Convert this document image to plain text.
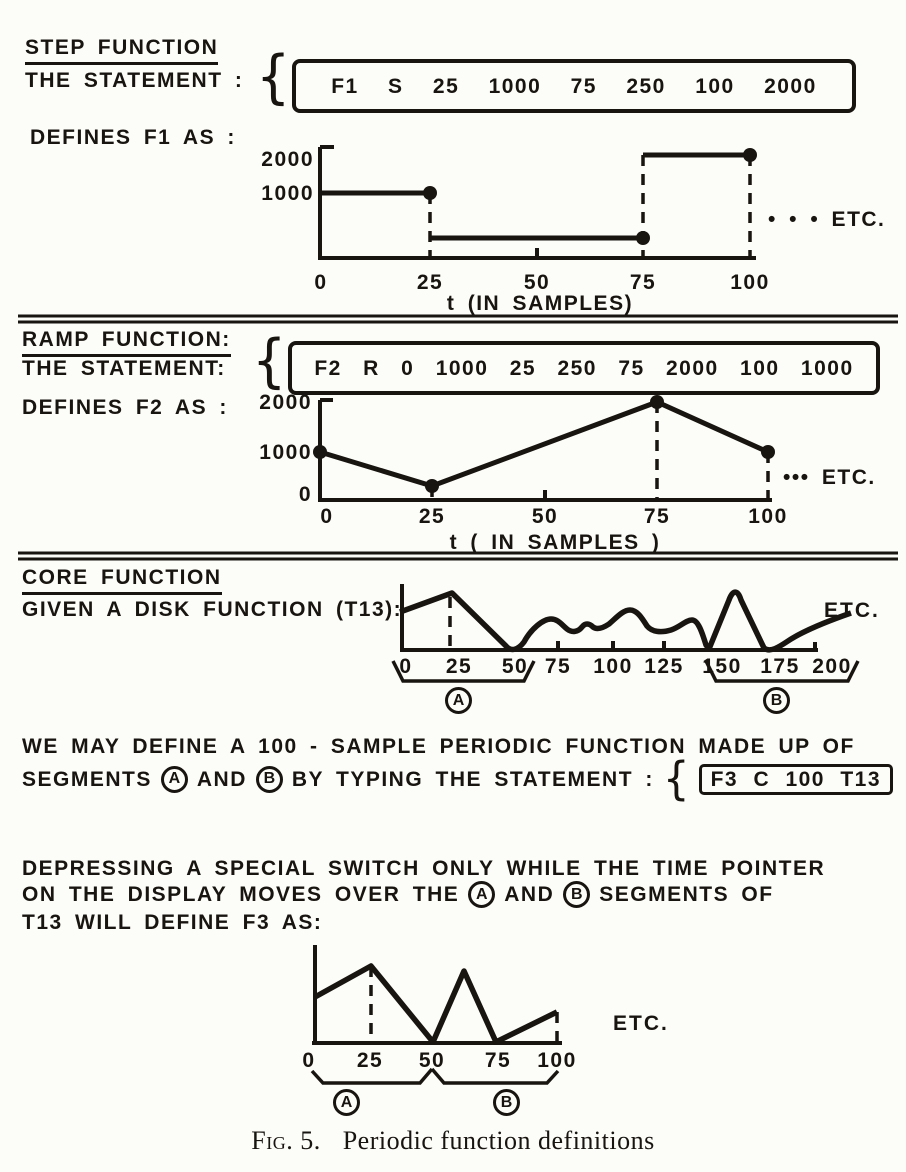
STEP FUNCTION
THE STATEMENT : { F1 S 25 1000 75 250 100 2000
DEFINES F1 AS :
2000
1000
0	25	50	75	100
t (IN SAMPLES)
• • • ETC.
RAMP FUNCTION:
THE STATEMENT: { F2 R 0 1000 25 250 75 2000 100 1000
DEFINES F2 AS :	2000
1000
0
0	25	50	75	100
t ( IN SAMPLES )
••• ETC.
CORE FUNCTION
GIVEN A DISK FUNCTION (T13):
0 25 50 75 100 125 150 175 200
ETC.
A	B
WE MAY DEFINE A 100 - SAMPLE PERIODIC FUNCTION MADE UP OF
SEGMENTS	A AND	B BY TYPING THE STATEMENT : { F3 C 100 T13
DEPRESSING A SPECIAL SWITCH ONLY WHILE THE TIME POINTER
ON THE DISPLAY MOVES OVER THE	A AND	B SEGMENTS OF
T13 WILL DEFINE F3 AS:
0 25 50 75 100
ETC.
A	B
Fig. 5. Periodic function definitions
